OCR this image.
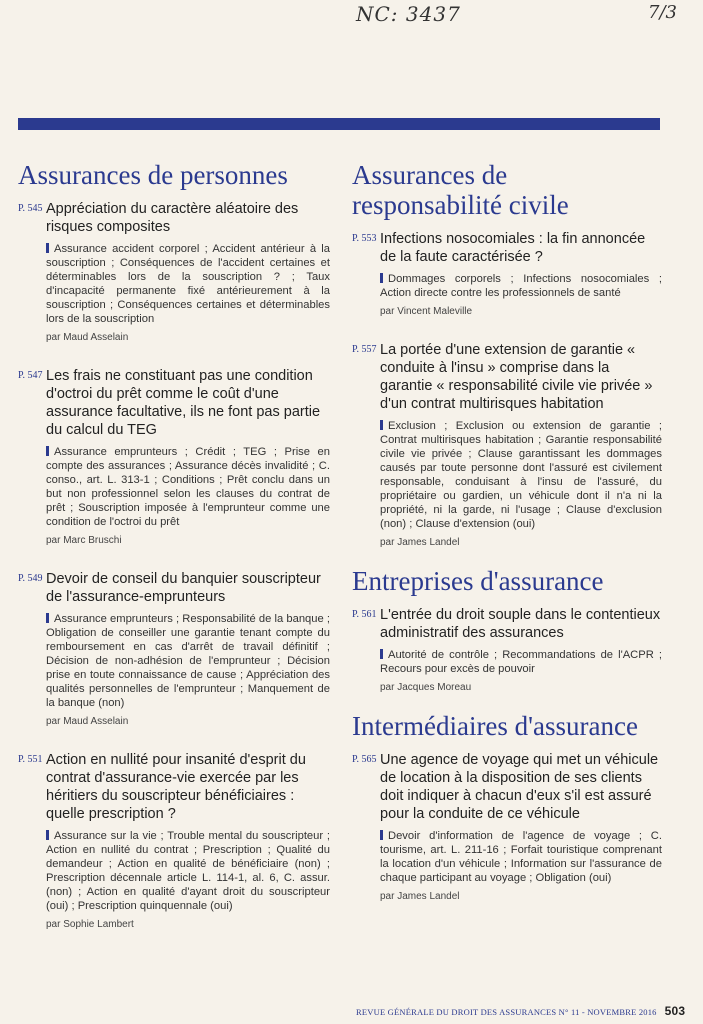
NC: 3437	7/3
Assurances de personnes
P. 545 Appréciation du caractère aléatoire des risques composites
Assurance accident corporel ; Accident antérieur à la souscription ; Conséquences de l'accident certaines et déterminables lors de la souscription ? ; Taux d'incapacité permanente fixé antérieurement à la souscription ; Conséquences certaines et déterminables lors de la souscription
par Maud Asselain
P. 547 Les frais ne constituant pas une condition d'octroi du prêt comme le coût d'une assurance facultative, ils ne font pas partie du calcul du TEG
Assurance emprunteurs ; Crédit ; TEG ; Prise en compte des assurances ; Assurance décès invalidité ; C. conso., art. L. 313-1 ; Conditions ; Prêt conclu dans un but non professionnel selon les clauses du contrat de prêt ; Souscription imposée à l'emprunteur comme une condition de l'octroi du prêt
par Marc Bruschi
P. 549 Devoir de conseil du banquier souscripteur de l'assurance-emprunteurs
Assurance emprunteurs ; Responsabilité de la banque ; Obligation de conseiller une garantie tenant compte du remboursement en cas d'arrêt de travail définitif ; Décision de non-adhésion de l'emprunteur ; Décision prise en toute connaissance de cause ; Appréciation des qualités personnelles de l'emprunteur ; Manquement de la banque (non)
par Maud Asselain
P. 551 Action en nullité pour insanité d'esprit du contrat d'assurance-vie exercée par les héritiers du souscripteur bénéficiaires : quelle prescription ?
Assurance sur la vie ; Trouble mental du souscripteur ; Action en nullité du contrat ; Prescription ; Qualité du demandeur ; Action en qualité de bénéficiaire (non) ; Prescription décennale article L. 114-1, al. 6, C. assur. (non) ; Action en qualité d'ayant droit du souscripteur (oui) ; Prescription quinquennale (oui)
par Sophie Lambert
Assurances de responsabilité civile
P. 553 Infections nosocomiales : la fin annoncée de la faute caractérisée ?
Dommages corporels ; Infections nosocomiales ; Action directe contre les professionnels de santé
par Vincent Maleville
P. 557 La portée d'une extension de garantie « conduite à l'insu » comprise dans la garantie « responsabilité civile vie privée » d'un contrat multirisques habitation
Exclusion ; Exclusion ou extension de garantie ; Contrat multirisques habitation ; Garantie responsabilité civile vie privée ; Clause garantissant les dommages causés par toute personne dont l'assuré est civilement responsable, conduisant à l'insu de l'assuré, du propriétaire ou gardien, un véhicule dont il n'a ni la propriété, ni la garde, ni l'usage ; Clause d'exclusion (non) ; Clause d'extension (oui)
par James Landel
Entreprises d'assurance
P. 561 L'entrée du droit souple dans le contentieux administratif des assurances
Autorité de contrôle ; Recommandations de l'ACPR ; Recours pour excès de pouvoir
par Jacques Moreau
Intermédiaires d'assurance
P. 565 Une agence de voyage qui met un véhicule de location à la disposition de ses clients doit indiquer à chacun d'eux s'il est assuré pour la conduite de ce véhicule
Devoir d'information de l'agence de voyage ; C. tourisme, art. L. 211-16 ; Forfait touristique comprenant la location d'un véhicule ; Information sur l'assurance de chaque participant au voyage ; Obligation (oui)
par James Landel
REVUE GÉNÉRALE DU DROIT DES ASSURANCES N° 11 - NOVEMBRE 2016 503
